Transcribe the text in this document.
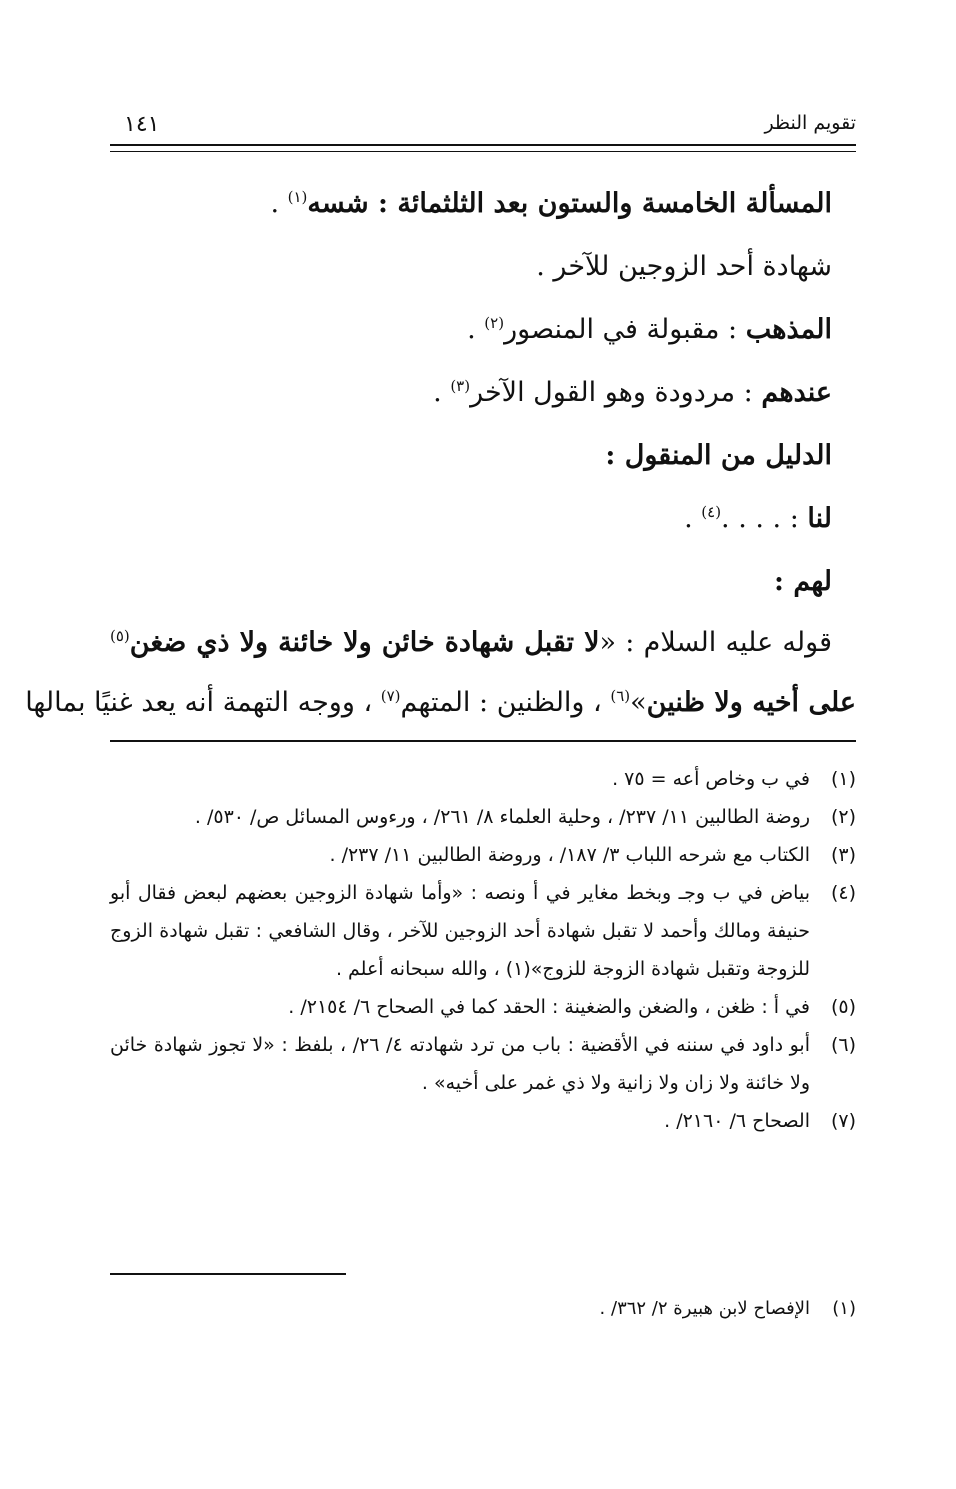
تقويم النظر
١٤١
المسألة الخامسة والستون بعد الثلثمائة : شسه$^{(١)}$ .
شهادة أحد الزوجين للآخر .
المذهب : مقبولة في المنصور$^{(٢)}$ .
عندهم : مردودة وهو القول الآخر$^{(٣)}$ .
الدليل من المنقول :
لنا : . . . .$^{(٤)}$ .
لهم :
قوله عليه السلام : «لا تقبل شهادة خائن ولا خائنة ولا ذي ضغن$^{(٥)}$
على أخيه ولا ظنين»$^{(٦)}$ ، والظنين : المتهم$^{(٧)}$ ، ووجه التهمة أنه يعد غنيًا بمالها
(١)
في ب وخاص أعه = ٧٥ .
(٢)
روضة الطالبين ١١/ ٢٣٧/ ، وحلية العلماء ٨/ ٢٦١/ ، ورءوس المسائل ص/ ٥٣٠/ .
(٣)
الكتاب مع شرحه اللباب ٣/ ١٨٧/ ، وروضة الطالبين ١١/ ٢٣٧/ .
(٤)
بياض في ب وجـ وبخط مغاير في أ ونصه : «وأما شهادة الزوجين بعضهم لبعض فقال أبو حنيفة ومالك وأحمد لا تقبل شهادة أحد الزوجين للآخر ، وقال الشافعي : تقبل شهادة الزوج للزوجة وتقبل شهادة الزوجة للزوج»(١) ، والله سبحانه أعلم .
(٥)
في أ : ظغن ، والضغن والضغينة : الحقد كما في الصحاح ٦/ ٢١٥٤/ .
(٦)
أبو داود في سننه في الأقضية : باب من ترد شهادته ٤/ ٢٦/ ، بلفظ : «لا تجوز شهادة خائن ولا خائنة ولا زان ولا زانية ولا ذي غمر على أخيه» .
(٧)
الصحاح ٦/ ٢١٦٠/ .
(١)
الإفصاح لابن هبيرة ٢/ ٣٦٢/ .
